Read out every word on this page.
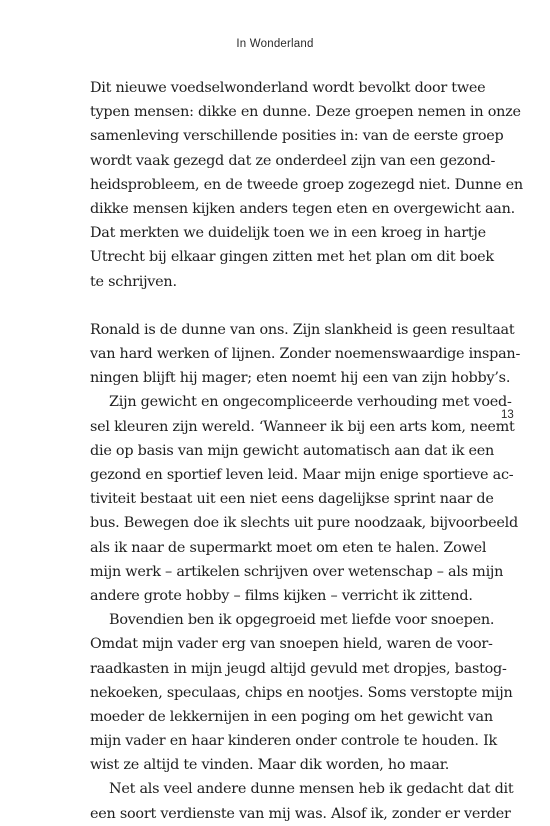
In Wonderland
13
Dit nieuwe voedselwonderland wordt bevolkt door twee
typen mensen: dikke en dunne. Deze groepen nemen in onze
samenleving verschillende posities in: van de eerste groep
wordt vaak gezegd dat ze onderdeel zijn van een gezond-
heidsprobleem, en de tweede groep zogezegd niet. Dunne en
dikke mensen kijken anders tegen eten en overgewicht aan.
Dat merkten we duidelijk toen we in een kroeg in hartje
Utrecht bij elkaar gingen zitten met het plan om dit boek
te schrijven.
Ronald is de dunne van ons. Zijn slankheid is geen resultaat
van hard werken of lijnen. Zonder noemenswaardige inspan-
ningen blijft hij mager; eten noemt hij een van zijn hobby’s.
Zijn gewicht en ongecompliceerde verhouding met voed-
sel kleuren zijn wereld. ‘Wanneer ik bij een arts kom, neemt
die op basis van mijn gewicht automatisch aan dat ik een
gezond en sportief leven leid. Maar mijn enige sportieve ac-
tiviteit bestaat uit een niet eens dagelijkse sprint naar de
bus. Bewegen doe ik slechts uit pure noodzaak, bijvoorbeeld
als ik naar de supermarkt moet om eten te halen. Zowel
mijn werk – artikelen schrijven over wetenschap – als mijn
andere grote hobby – films kijken – verricht ik zittend.
Bovendien ben ik opgegroeid met liefde voor snoepen.
Omdat mijn vader erg van snoepen hield, waren de voor-
raadkasten in mijn jeugd altijd gevuld met dropjes, bastog-
nekoeken, speculaas, chips en nootjes. Soms verstopte mijn
moeder de lekkernijen in een poging om het gewicht van
mijn vader en haar kinderen onder controle te houden. Ik
wist ze altijd te vinden. Maar dik worden, ho maar.
Net als veel andere dunne mensen heb ik gedacht dat dit
een soort verdienste van mij was. Alsof ik, zonder er verder
